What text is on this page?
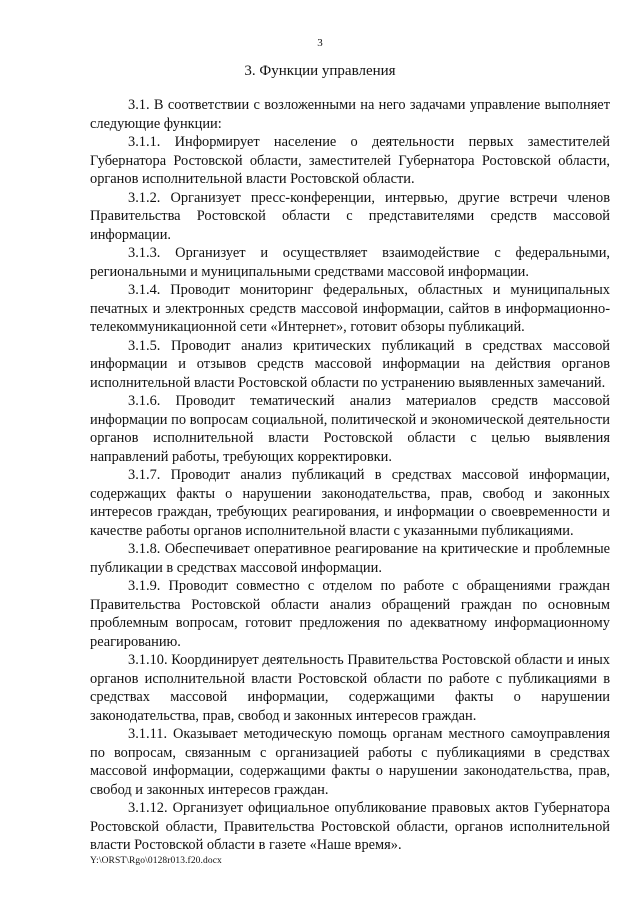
3
3. Функции управления

3.1. В соответствии с возложенными на него задачами управление выполняет следующие функции:

3.1.1. Информирует население о деятельности первых заместителей Губернатора Ростовской области, заместителей Губернатора Ростовской области, органов исполнительной власти Ростовской области.

3.1.2. Организует пресс-конференции, интервью, другие встречи членов Правительства Ростовской области с представителями средств массовой информации.

3.1.3. Организует и осуществляет взаимодействие с федеральными, региональными и муниципальными средствами массовой информации.

3.1.4. Проводит мониторинг федеральных, областных и муниципальных печатных и электронных средств массовой информации, сайтов в информационно-телекоммуникационной сети «Интернет», готовит обзоры публикаций.

3.1.5. Проводит анализ критических публикаций в средствах массовой информации и отзывов средств массовой информации на действия органов исполнительной власти Ростовской области по устранению выявленных замечаний.

3.1.6. Проводит тематический анализ материалов средств массовой информации по вопросам социальной, политической и экономической деятельности органов исполнительной власти Ростовской области с целью выявления направлений работы, требующих корректировки.

3.1.7. Проводит анализ публикаций в средствах массовой информации, содержащих факты о нарушении законодательства, прав, свобод и законных интересов граждан, требующих реагирования, и информации о своевременности и качестве работы органов исполнительной власти с указанными публикациями.

3.1.8. Обеспечивает оперативное реагирование на критические и проблемные публикации в средствах массовой информации.

3.1.9. Проводит совместно с отделом по работе с обращениями граждан Правительства Ростовской области анализ обращений граждан по основным проблемным вопросам, готовит предложения по адекватному информационному реагированию.

3.1.10. Координирует деятельность Правительства Ростовской области и иных органов исполнительной власти Ростовской области по работе с публикациями в средствах массовой информации, содержащими факты о нарушении законодательства, прав, свобод и законных интересов граждан.

3.1.11. Оказывает методическую помощь органам местного самоуправления по вопросам, связанным с организацией работы с публикациями в средствах массовой информации, содержащими факты о нарушении законодательства, прав, свобод и законных интересов граждан.

3.1.12. Организует официальное опубликование правовых актов Губернатора Ростовской области, Правительства Ростовской области, органов исполнительной власти Ростовской области в газете «Наше время».

Y:\ORST\Rgo\0128r013.f20.docx
